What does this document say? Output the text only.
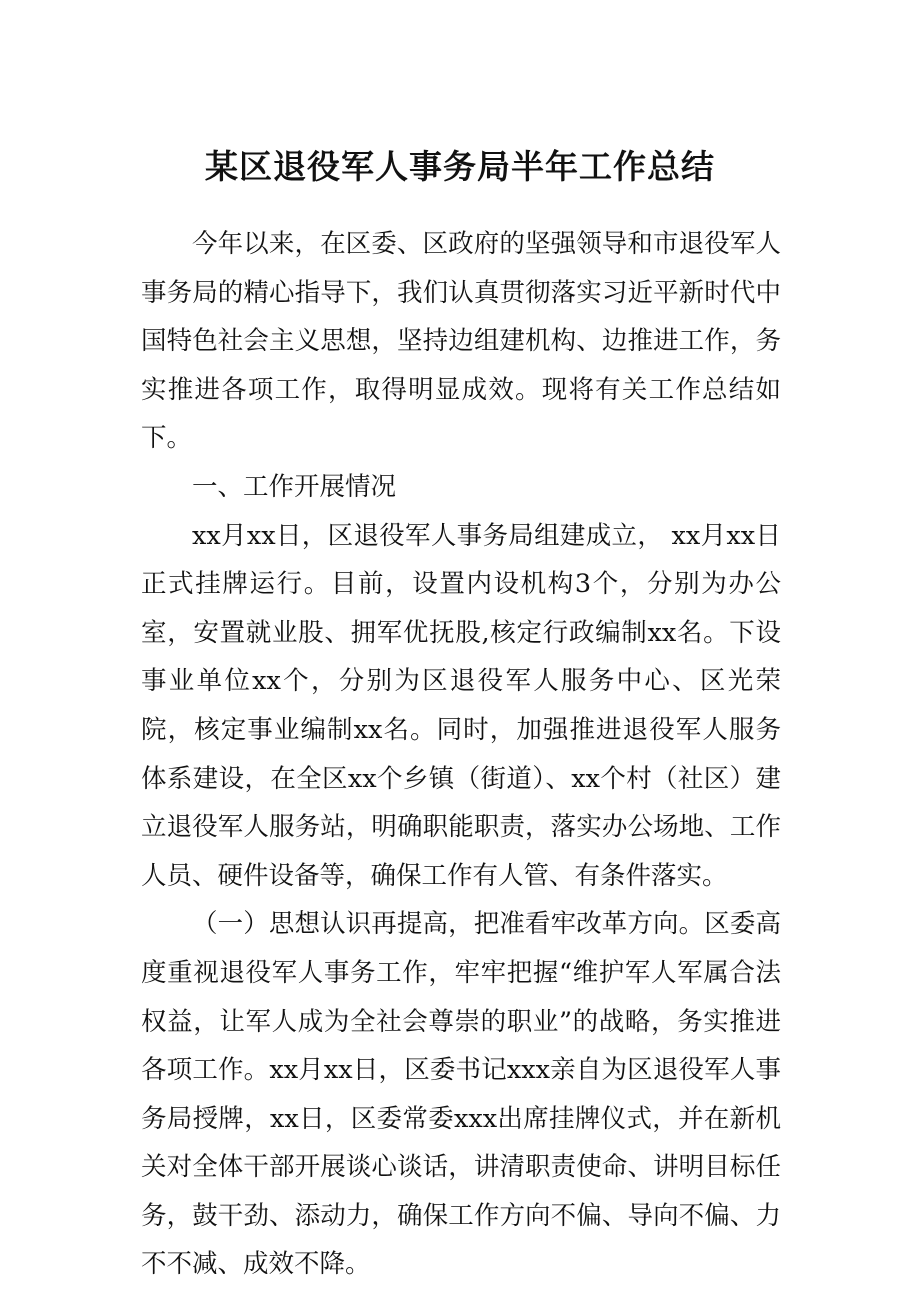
某区退役军人事务局半年工作总结

今年以来，在区委、区政府的坚强领导和市退役军人事务局的精心指导下，我们认真贯彻落实习近平新时代中国特色社会主义思想，坚持边组建机构、边推进工作，务实推进各项工作，取得明显成效。现将有关工作总结如下。

一、工作开展情况

xx月xx日，区退役军人事务局组建成立， xx月xx日正式挂牌运行。目前，设置内设机构3个，分别为办公室，安置就业股、拥军优抚股,核定行政编制xx名。下设事业单位xx个，分别为区退役军人服务中心、区光荣院，核定事业编制xx名。同时，加强推进退役军人服务体系建设，在全区xx个乡镇（街道）、xx个村（社区）建立退役军人服务站，明确职能职责，落实办公场地、工作人员、硬件设备等，确保工作有人管、有条件落实。

（一）思想认识再提高，把准看牢改革方向。区委高度重视退役军人事务工作，牢牢把握“维护军人军属合法权益，让军人成为全社会尊崇的职业”的战略，务实推进各项工作。xx月xx日，区委书记xxx亲自为区退役军人事务局授牌，xx日，区委常委xxx出席挂牌仪式，并在新机关对全体干部开展谈心谈话，讲清职责使命、讲明目标任务，鼓干劲、添动力，确保工作方向不偏、导向不偏、力不不减、成效不降。
